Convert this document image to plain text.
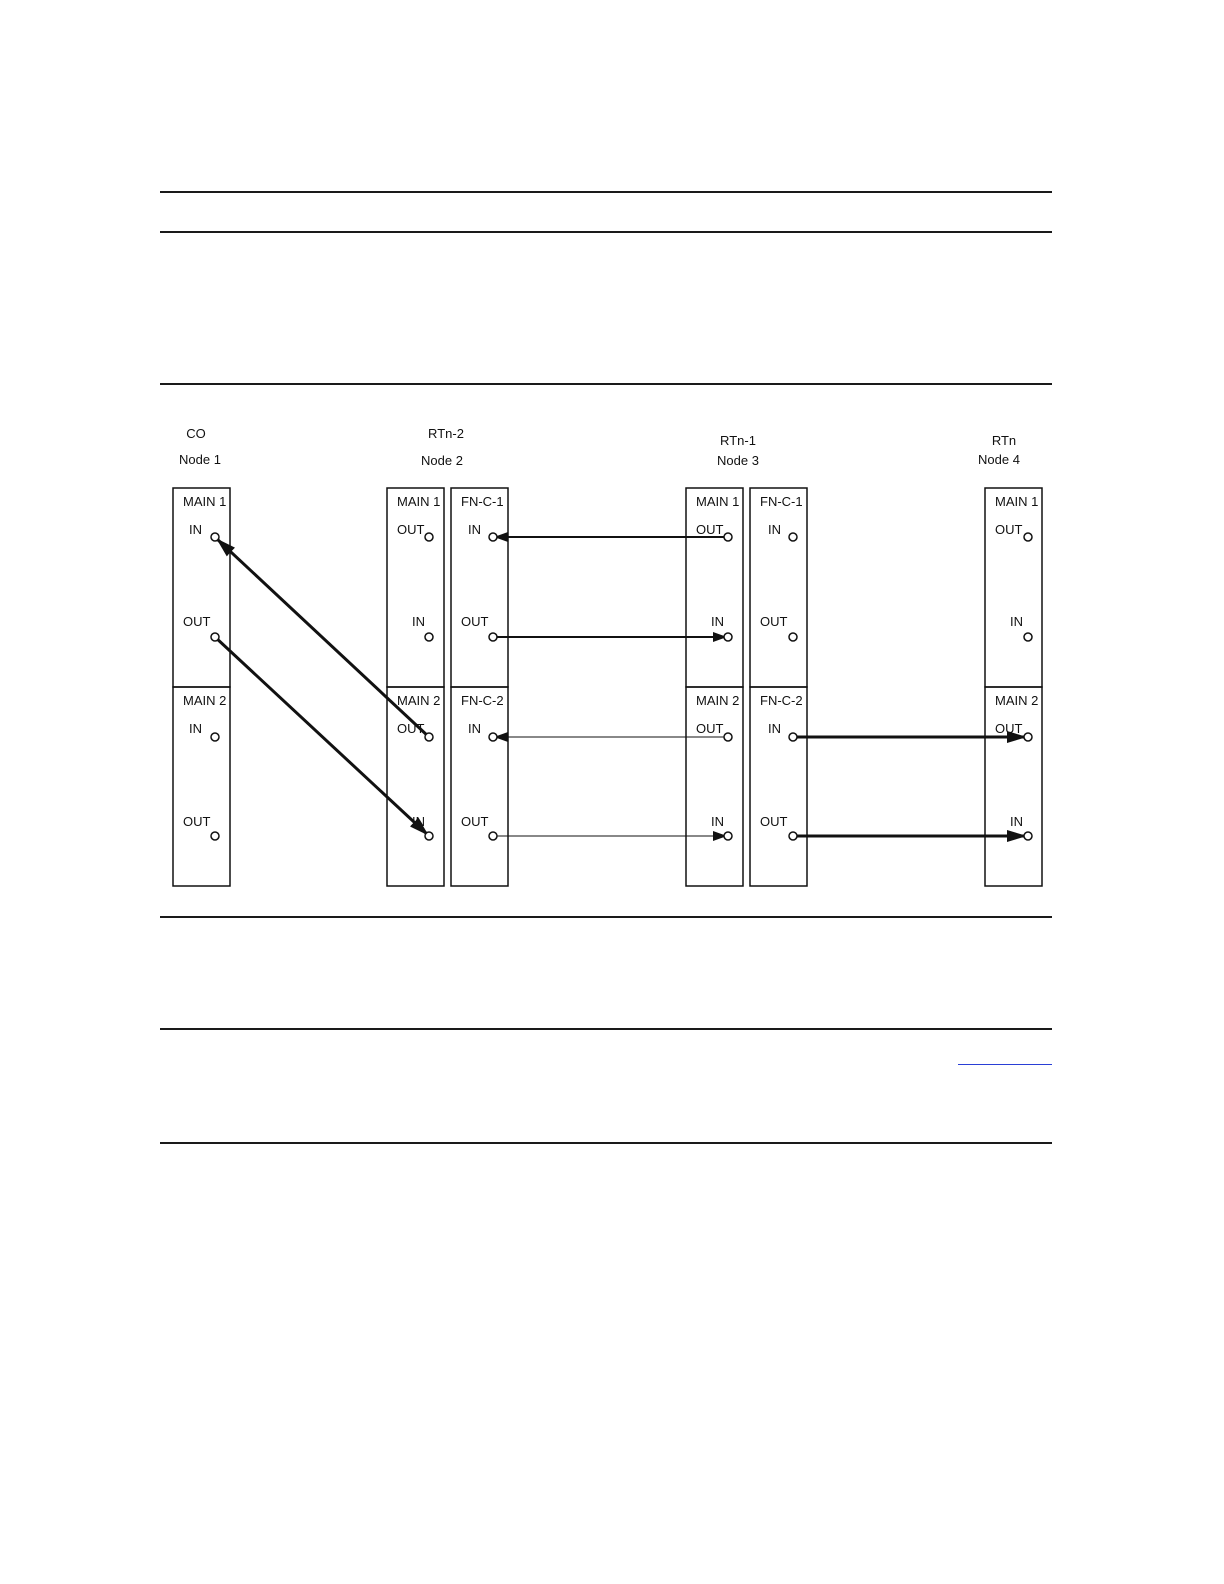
CO
Node 1
RTn-2
Node 2
RTn-1
Node 3
RTn
Node 4
MAIN 1
MAIN 2
MAIN 1
MAIN 2
FN-C-1
FN-C-2
MAIN 1
MAIN 2
FN-C-1
FN-C-2
MAIN 1
MAIN 2
IN
OUT
IN
OUT
OUT
IN
OUT
IN
IN
OUT
IN
OUT
OUT
IN
OUT
IN
IN
OUT
IN
OUT
OUT
IN
OUT
IN
